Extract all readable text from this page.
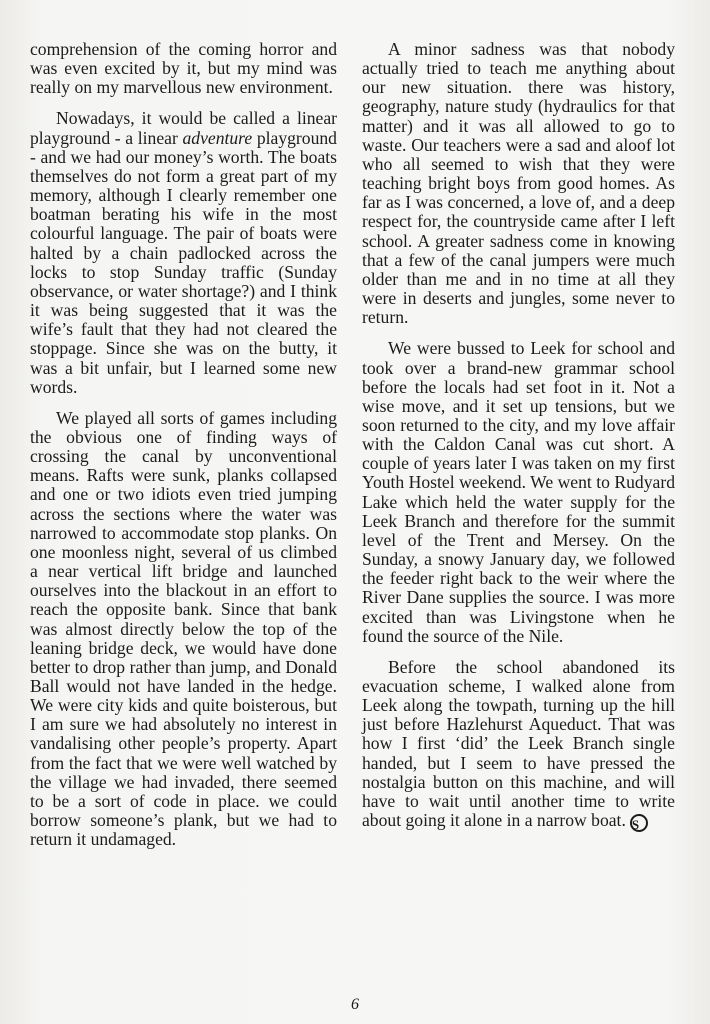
comprehension of the coming horror and was even excited by it, but my mind was really on my marvellous new environment.

Nowadays, it would be called a linear playground - a linear adventure playground - and we had our money’s worth. The boats themselves do not form a great part of my memory, although I clearly remember one boatman berating his wife in the most colourful language. The pair of boats were halted by a chain padlocked across the locks to stop Sunday traffic (Sunday observance, or water shortage?) and I think it was being suggested that it was the wife’s fault that they had not cleared the stoppage. Since she was on the butty, it was a bit unfair, but I learned some new words.

We played all sorts of games including the obvious one of finding ways of crossing the canal by unconventional means. Rafts were sunk, planks collapsed and one or two idiots even tried jumping across the sections where the water was narrowed to accommodate stop planks. On one moonless night, several of us climbed a near vertical lift bridge and launched ourselves into the blackout in an effort to reach the opposite bank. Since that bank was almost directly below the top of the leaning bridge deck, we would have done better to drop rather than jump, and Donald Ball would not have landed in the hedge. We were city kids and quite boisterous, but I am sure we had absolutely no interest in vandalising other people’s property. Apart from the fact that we were well watched by the village we had invaded, there seemed to be a sort of code in place. we could borrow someone’s plank, but we had to return it undamaged.

A minor sadness was that nobody actually tried to teach me anything about our new situation. there was history, geography, nature study (hydraulics for that matter) and it was all allowed to go to waste. Our teachers were a sad and aloof lot who all seemed to wish that they were teaching bright boys from good homes. As far as I was concerned, a love of, and a deep respect for, the countryside came after I left school. A greater sadness come in knowing that a few of the canal jumpers were much older than me and in no time at all they were in deserts and jungles, some never to return.

We were bussed to Leek for school and took over a brand-new grammar school before the locals had set foot in it. Not a wise move, and it set up tensions, but we soon returned to the city, and my love affair with the Caldon Canal was cut short. A couple of years later I was taken on my first Youth Hostel weekend. We went to Rudyard Lake which held the water supply for the Leek Branch and therefore for the summit level of the Trent and Mersey. On the Sunday, a snowy January day, we followed the feeder right back to the weir where the River Dane supplies the source. I was more excited than was Livingstone when he found the source of the Nile.

Before the school abandoned its evacuation scheme, I walked alone from Leek along the towpath, turning up the hill just before Hazlehurst Aqueduct. That was how I first ‘did’ the Leek Branch single handed, but I seem to have pressed the nostalgia button on this machine, and will have to wait until another time to write about going it alone in a narrow boat. S

6
